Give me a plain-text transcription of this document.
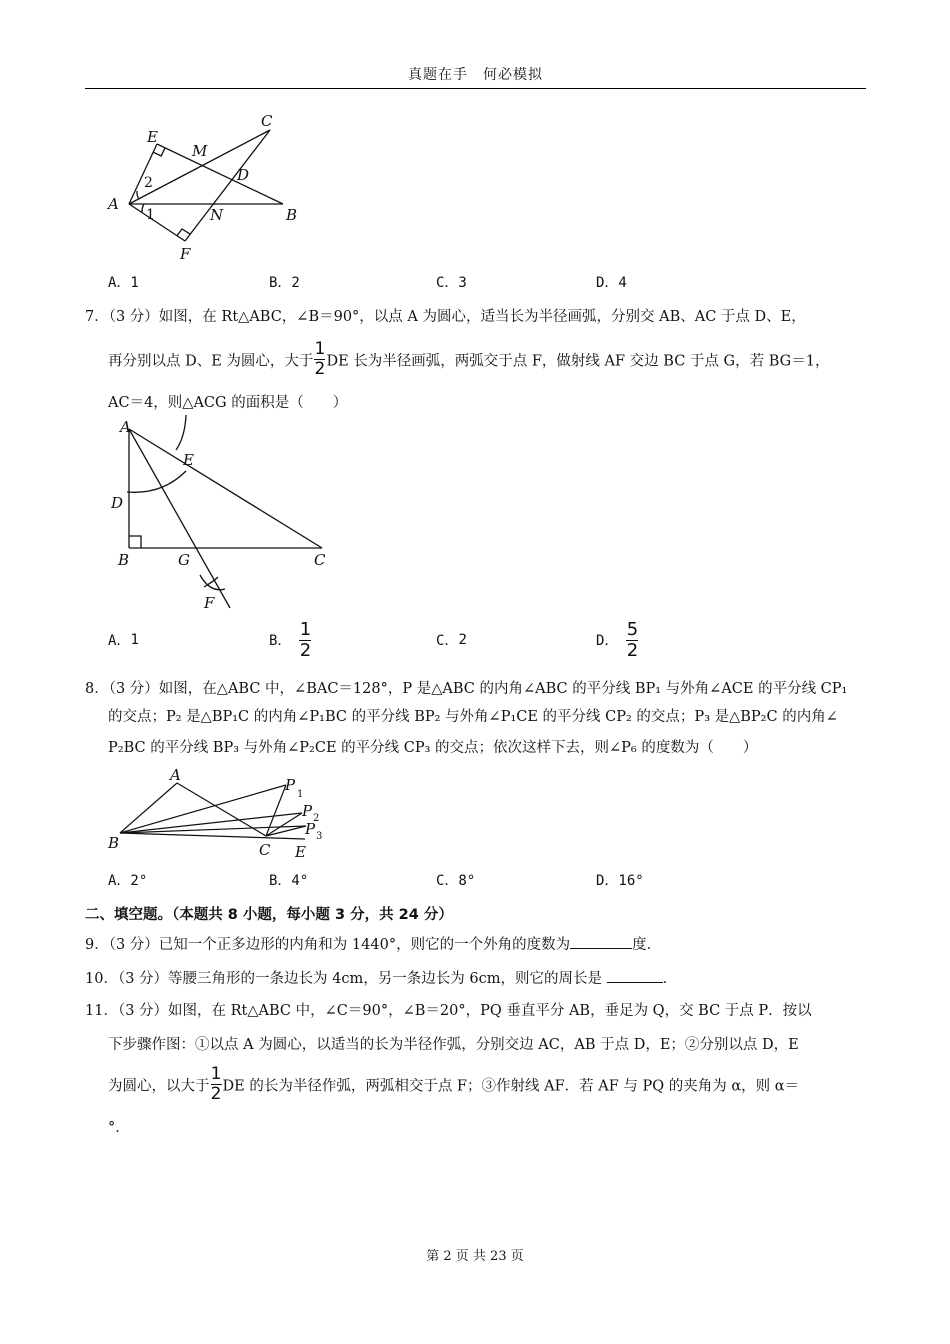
真题在手　何必模拟
A
B
C
D
E
F
M
N
1
2
A．1	B．2	C．3	D．4
7．（3 分）如图，在 Rt△ABC，∠B＝90°，以点 A 为圆心，适当长为半径画弧，分别交 AB、AC 于点 D、E，
再分别以点 D、E 为圆心，大于 $\frac{1}{2}$ DE 长为半径画弧，两弧交于点 F，做射线 AF 交边 BC 于点 G，若 BG＝1，
AC＝4，则△ACG 的面积是（　　）
A
B	C
D
E
F
G
A． 1	B． $\frac{1}{2}$	C． 2	D． $\frac{5}{2}$
8．（3 分）如图，在△ABC 中，∠BAC＝128°，P 是△ABC 的内角∠ABC 的平分线 BP₁ 与外角∠ACE 的平分线 CP₁
的交点；P₂ 是△BP₁C 的内角∠P₁BC 的平分线 BP₂ 与外角∠P₁CE 的平分线 CP₂ 的交点；P₃ 是△BP₂C 的内角∠
P₂BC 的平分线 BP₃ 与外角∠P₂CE 的平分线 CP₃ 的交点；依次这样下去，则∠P₆ 的度数为（　　）
B
A
C E
P
1
P 2
P 3
A．2°	B．4°	C．8°	D．16°
二、填空题。（本题共 8 小题，每小题 3 分，共 24 分）
9．（3 分）已知一个正多边形的内角和为 1440°，则它的一个外角的度数为	度．
10．（3 分）等腰三角形的一条边长为 4cm，另一条边长为 6cm，则它的周长是	．
11．（3 分）如图，在 Rt△ABC 中，∠C＝90°，∠B＝20°，PQ 垂直平分 AB，垂足为 Q，交 BC 于点 P．按以
下步骤作图：①以点 A 为圆心，以适当的长为半径作弧，分别交边 AC，AB 于点 D，E；②分别以点 D，E
为圆心，以大于 $\frac{1}{2}$ DE 的长为半径作弧，两弧相交于点 F；③作射线 AF．若 AF 与 PQ 的夹角为 α，则 α＝
°．
第 2 页 共 23 页
